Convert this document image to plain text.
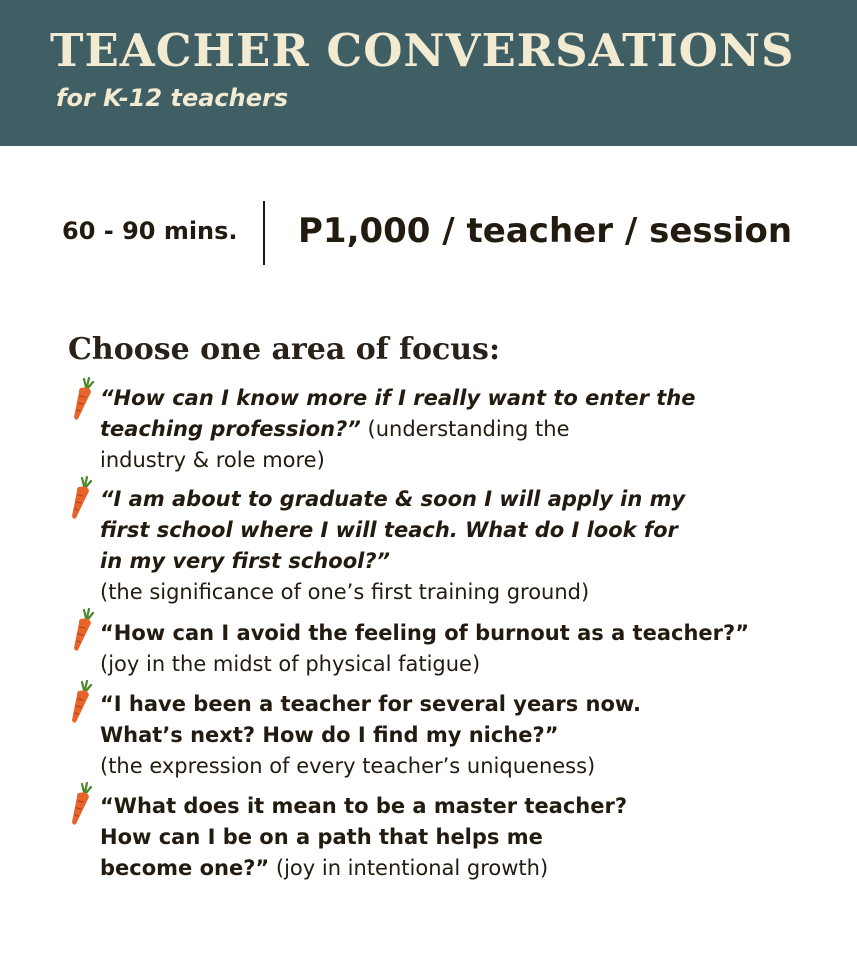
TEACHER CONVERSATIONS
for K-12 teachers
60 - 90 mins. P1,000 / teacher / session
Choose one area of focus:
“How can I know more if I really want to enter the
teaching profession?” (understanding the
industry & role more)
“I am about to graduate & soon I will apply in my
first school where I will teach. What do I look for
in my very first school?”
(the significance of one’s first training ground)
“How can I avoid the feeling of burnout as a teacher?”
(joy in the midst of physical fatigue)
“I have been a teacher for several years now.
What’s next? How do I find my niche?”
(the expression of every teacher’s uniqueness)
“What does it mean to be a master teacher?
How can I be on a path that helps me
become one?” (joy in intentional growth)
